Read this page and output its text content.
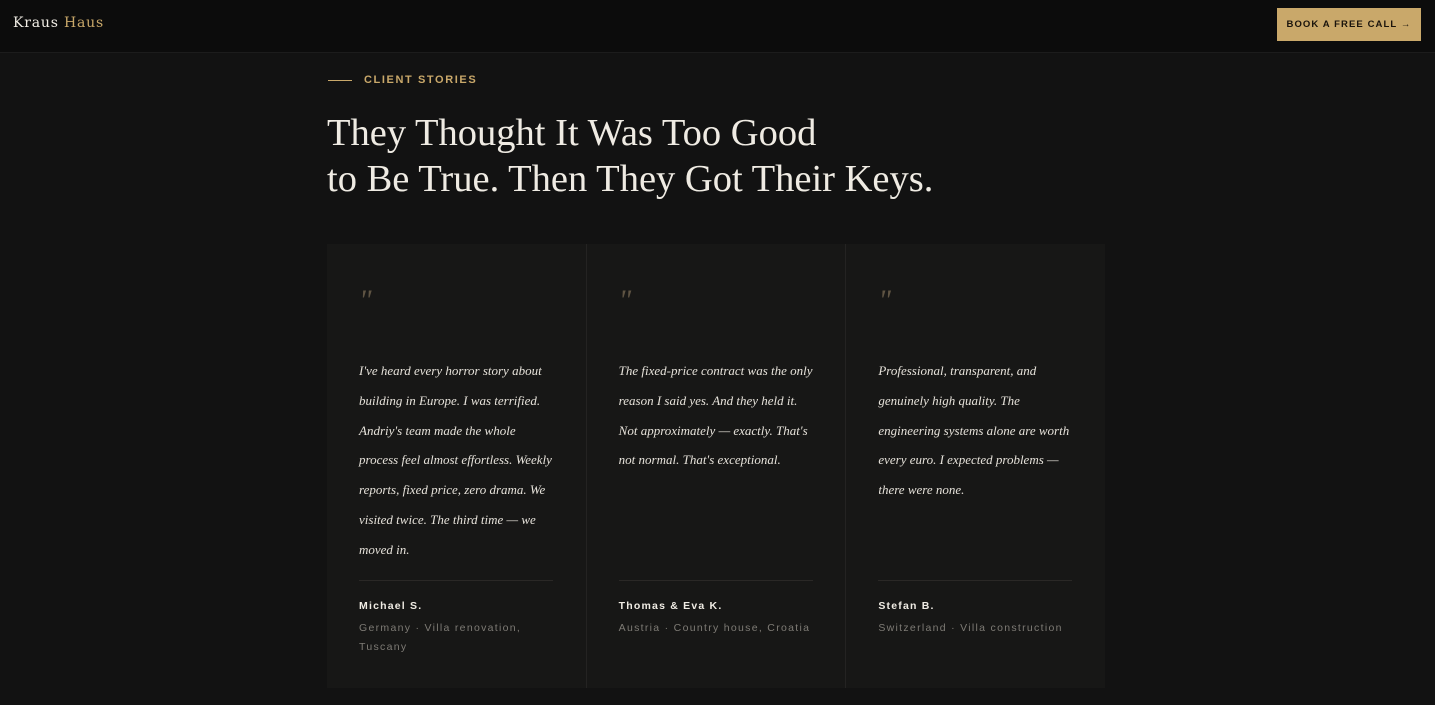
Kraus Haus	BOOK A FREE CALL →
CLIENT STORIES
They Thought It Was Too Good
to Be True. Then They Got Their Keys.
"

I've heard every horror story about building in Europe. I was terrified. Andriy's team made the whole process feel almost effortless. Weekly reports, fixed price, zero drama. We visited twice. The third time — we moved in.

Michael S.
Germany · Villa renovation, Tuscany
"

The fixed-price contract was the only reason I said yes. And they held it. Not approximately — exactly. That's not normal. That's exceptional.

Thomas & Eva K.
Austria · Country house, Croatia
"

Professional, transparent, and genuinely high quality. The engineering systems alone are worth every euro. I expected problems — there were none.

Stefan B.
Switzerland · Villa construction
